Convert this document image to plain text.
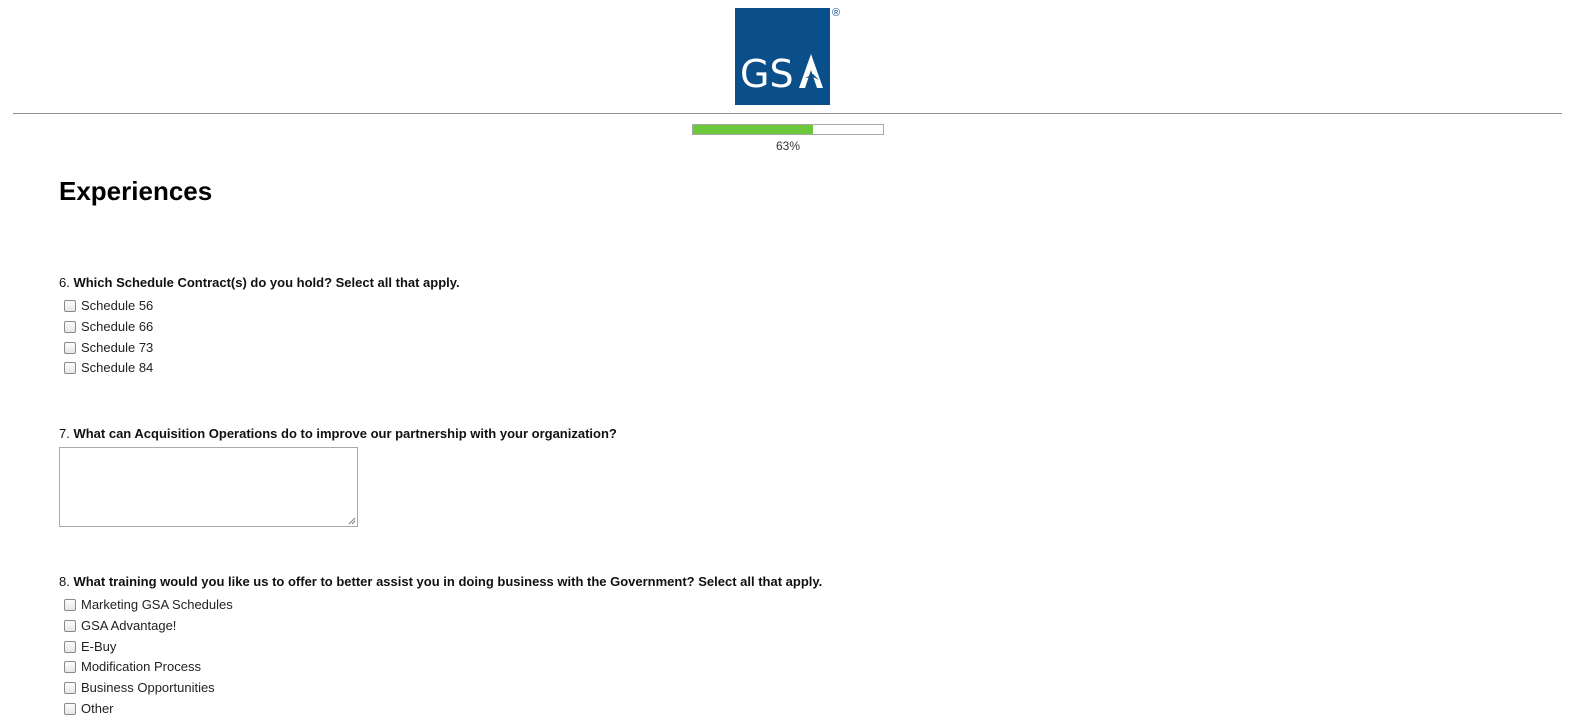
GS
®
63%
Experiences
6. Which Schedule Contract(s) do you hold? Select all that apply.
Schedule 56
Schedule 66
Schedule 73
Schedule 84
7. What can Acquisition Operations do to improve our partnership with your organization?
8. What training would you like us to offer to better assist you in doing business with the Government? Select all that apply.
Marketing GSA Schedules
GSA Advantage!
E-Buy
Modification Process
Business Opportunities
Other
